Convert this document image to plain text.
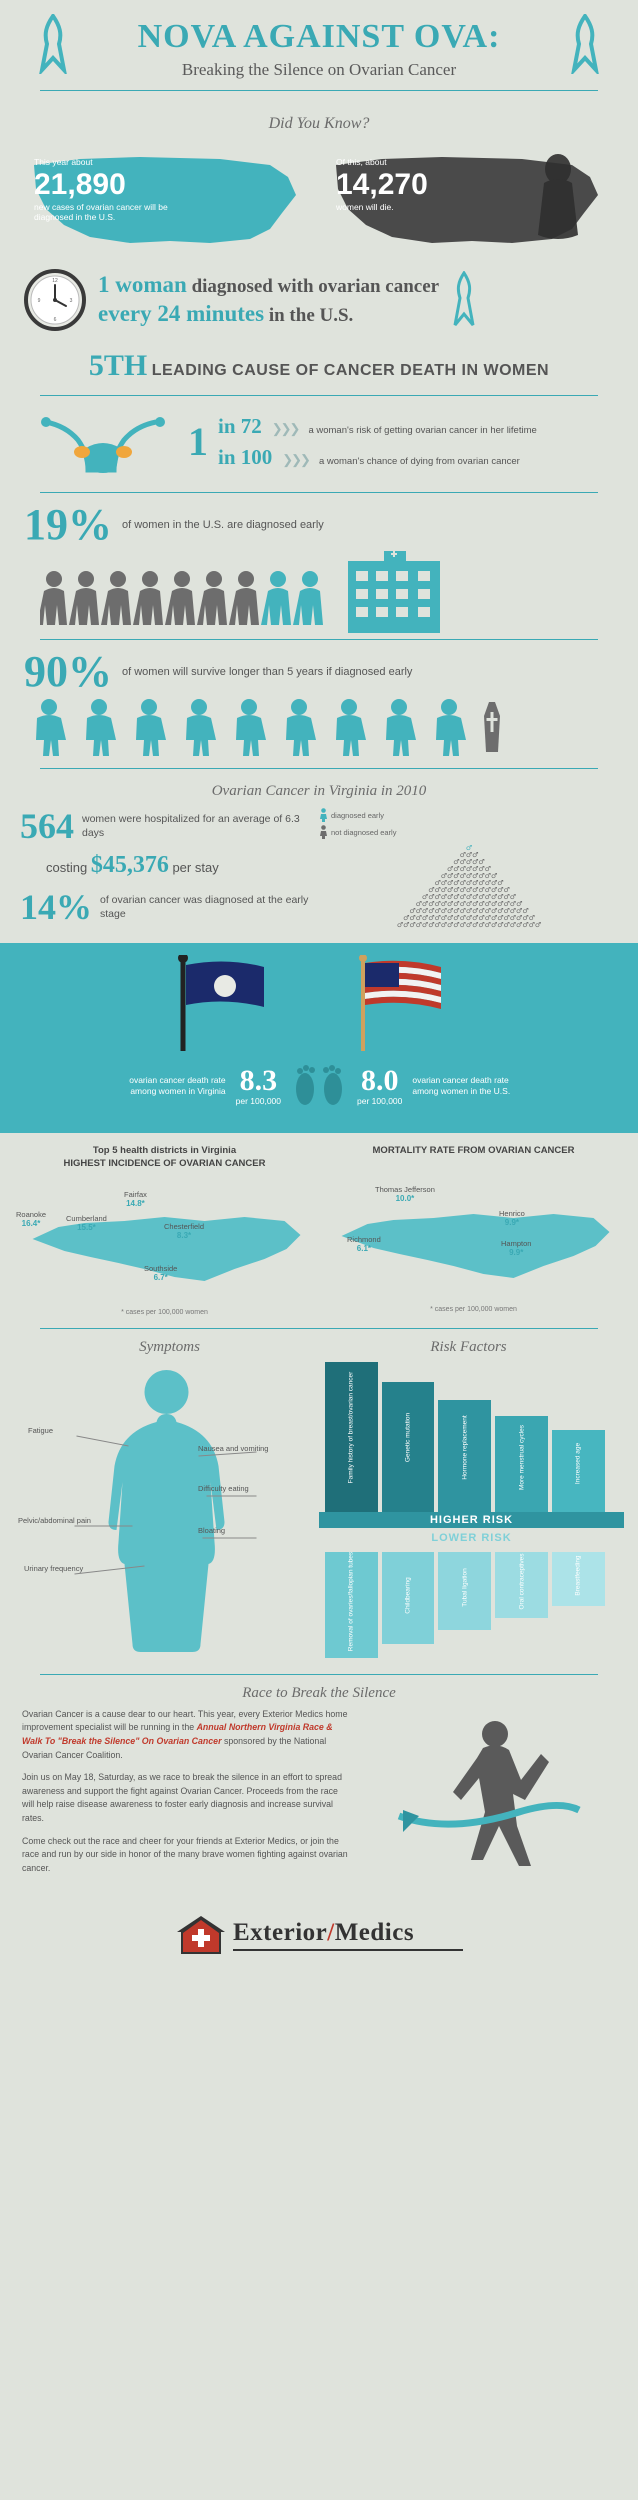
NOVA AGAINST OVA:
Breaking the Silence on Ovarian Cancer
Did You Know?
This year about
21,890
new cases of ovarian cancer will be diagnosed in the U.S.
Of this, about
14,270
women will die.
12
3
6
9
1 woman diagnosed with ovarian cancer
every 24 minutes in the U.S.
5TH LEADING CAUSE OF CANCER DEATH IN WOMEN
1 in 72 ❯❯❯ a woman's risk of getting ovarian cancer in her lifetime
in 100 ❯❯❯ a woman's chance of dying from ovarian cancer
19% of women in the U.S. are diagnosed early
90% of women will survive longer than 5 years if diagnosed early
Ovarian Cancer in Virginia in 2010
564 women were hospitalized for an average of 6.3 days
costing $45,376 per stay
14% of ovarian cancer was diagnosed at the early stage
diagnosed early
not diagnosed early
♂
♂♂♂
♂♂♂♂♂
♂♂♂♂♂♂♂
♂♂♂♂♂♂♂♂♂
♂♂♂♂♂♂♂♂♂♂♂
♂♂♂♂♂♂♂♂♂♂♂♂♂
♂♂♂♂♂♂♂♂♂♂♂♂♂♂♂
♂♂♂♂♂♂♂♂♂♂♂♂♂♂♂♂♂
♂♂♂♂♂♂♂♂♂♂♂♂♂♂♂♂♂♂♂
♂♂♂♂♂♂♂♂♂♂♂♂♂♂♂♂♂♂♂♂♂
♂♂♂♂♂♂♂♂♂♂♂♂♂♂♂♂♂♂♂♂♂♂♂
ovarian cancer death rate among women in Virginia 8.3
per 100,000
8.0
per 100,000
ovarian cancer death rate among women in the U.S.
Top 5 health districts in Virginia
HIGHEST INCIDENCE OF OVARIAN CANCER
Fairfax
14.8*
Cumberland
15.5*
Roanoke
16.4*	Chesterfield
8.3*
Southside
6.7*
* cases per 100,000 women
MORTALITY RATE FROM OVARIAN CANCER
Thomas Jefferson
10.0*
Richmond
6.1*
Henrico
9.9*
Hampton
9.9*
* cases per 100,000 women
Symptoms	Risk Factors
Fatigue
Nausea and vomiting
Difficulty eating
Pelvic/abdominal pain
Bloating
Urinary frequency
Family history of breast/ovarian cancer	Genetic mutation	Hormone replacement	More menstrual cycles	Increased age
HIGHER RISK
LOWER RISK
Removal of ovaries/fallopian tubes	Childbearing	Tubal ligation	Oral contraceptives	Breastfeeding
Race to Break the Silence

Ovarian Cancer is a cause dear to our heart. This year, every Exterior Medics home improvement specialist will be running in the Annual Northern Virginia Race & Walk To "Break the Silence" On Ovarian Cancer sponsored by the National Ovarian Cancer Coalition.

Join us on May 18, Saturday, as we race to break the silence in an effort to spread awareness and support the fight against Ovarian Cancer. Proceeds from the race will help raise disease awareness to foster early diagnosis and increase survival rates.

Come check out the race and cheer for your friends at Exterior Medics, or join the race and run by our side in honor of the many brave women fighting against ovarian cancer.

Exterior/Medics
